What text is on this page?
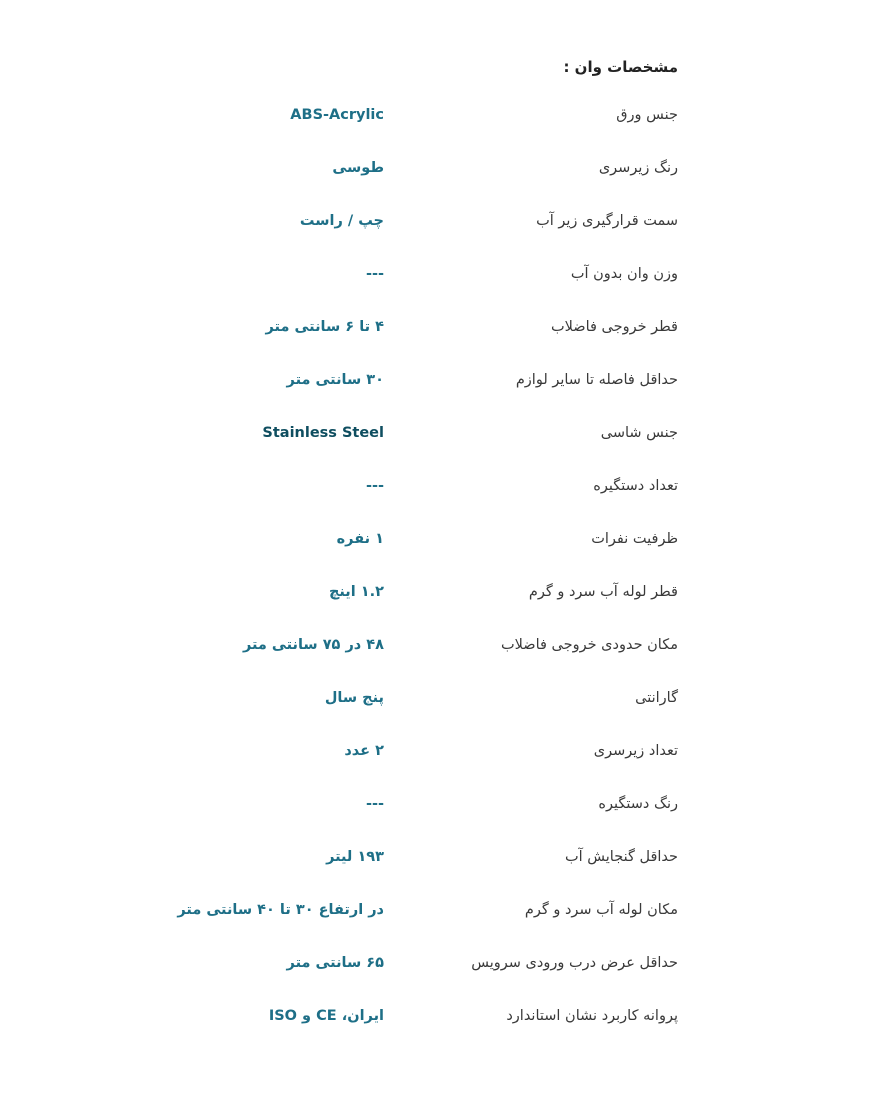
مشخصات وان :
جنس ورق
ABS-Acrylic
رنگ زیرسری
طوسی
سمت قرارگیری زیر آب
چپ / راست
وزن وان بدون آب
---
قطر خروجی فاضلاب
۴ تا ۶ سانتی متر
حداقل فاصله تا سایر لوازم
۳۰ سانتی متر
جنس شاسی
Stainless Steel
تعداد دستگیره
---
ظرفیت نفرات
۱ نفره
قطر لوله آب سرد و گرم
۱.۲ اینچ
مکان حدودی خروجی فاضلاب
۴۸ در ۷۵ سانتی متر
گارانتی
پنج سال
تعداد زیرسری
۲ عدد
رنگ دستگیره
---
حداقل گنجایش آب
۱۹۳ لیتر
مکان لوله آب سرد و گرم
در ارتفاع ۳۰ تا ۴۰ سانتی متر
حداقل عرض درب ورودی سرویس
۶۵ سانتی متر
پروانه کاربرد نشان استاندارد
ایران، CE و ISO
